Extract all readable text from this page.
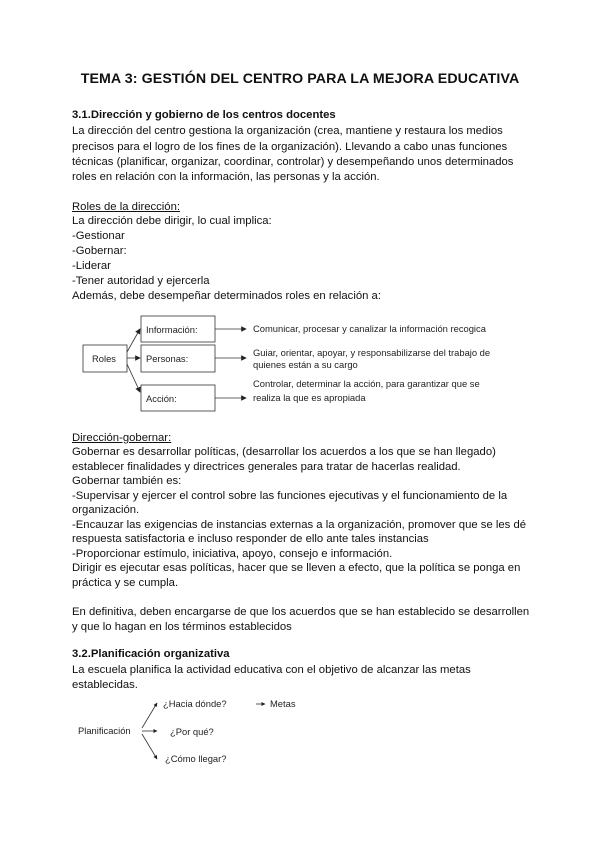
TEMA 3: GESTIÓN DEL CENTRO PARA LA MEJORA EDUCATIVA
3.1.Dirección y gobierno de los centros docentes
La dirección del centro gestiona la organización (crea, mantiene y restaura los medios
precisos para el logro de los fines de la organización). Llevando a cabo unas funciones
técnicas (planificar, organizar, coordinar, controlar) y desempeñando unos determinados
roles en relación con la información, las personas y la acción.
Roles de la dirección:
La dirección debe dirigir, lo cual implica:
-Gestionar
-Gobernar:
-Liderar
-Tener autoridad y ejercerla
Además, debe desempeñar determinados roles en relación a:
Roles
Información:
Personas:
Acción:
Comunicar, procesar y canalizar la información recogica
Guiar, orientar, apoyar, y responsabilizarse del trabajo de
quienes están a su cargo
Controlar, determinar la acción, para garantizar que se
realiza la que es apropiada
Planificación
¿Hacia dónde?
¿Por qué?
¿Cómo llegar?
Metas
Dirección-gobernar:
Gobernar es desarrollar políticas, (desarrollar los acuerdos a los que se han llegado)
establecer finalidades y directrices generales para tratar de hacerlas realidad.
Gobernar también es:
-Supervisar y ejercer el control sobre las funciones ejecutivas y el funcionamiento de la
organización.
-Encauzar las exigencias de instancias externas a la organización, promover que se les dé
respuesta satisfactoria e incluso responder de ello ante tales instancias
-Proporcionar estímulo, iniciativa, apoyo, consejo e información.
Dirigir es ejecutar esas políticas, hacer que se lleven a efecto, que la política se ponga en
práctica y se cumpla.
En definitiva, deben encargarse de que los acuerdos que se han establecido se desarrollen
y que lo hagan en los términos establecidos
3.2.Planificación organizativa
La escuela planifica la actividad educativa con el objetivo de alcanzar las metas
establecidas.
